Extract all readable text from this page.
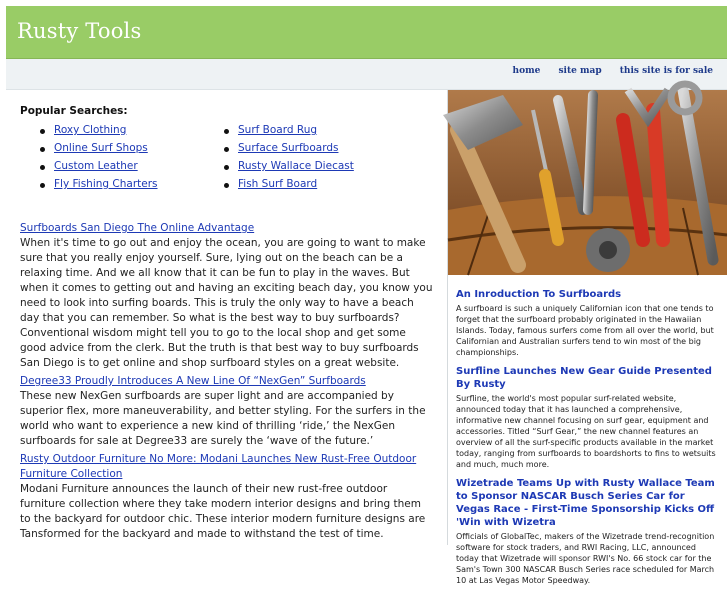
Rusty Tools
home site map this site is for sale
Popular Searches:
Roxy Clothing
Online Surf Shops
Custom Leather
Fly Fishing Charters
Surf Board Rug
Surface Surfboards
Rusty Wallace Diecast
Fish Surf Board
Surfboards San Diego The Online Advantage

When it's time to go out and enjoy the ocean, you are going to want to make sure that you really enjoy yourself. Sure, lying out on the beach can be a relaxing time. And we all know that it can be fun to play in the waves. But when it comes to getting out and having an exciting beach day, you know you need to look into surfing boards. This is truly the only way to have a beach day that you can remember. So what is the best way to buy surfboards? Conventional wisdom might tell you to go to the local shop and get some good advice from the clerk. But the truth is that best way to buy surfboards San Diego is to get online and shop surfboard styles on a great website.

Degree33 Proudly Introduces A New Line Of “NexGen” Surfboards

These new NexGen surfboards are super light and are accompanied by superior flex, more maneuverability, and better styling. For the surfers in the world who want to experience a new kind of thrilling ‘ride,’ the NexGen surfboards for sale at Degree33 are surely the ‘wave of the future.’

Rusty Outdoor Furniture No More: Modani Launches New Rust-Free Outdoor Furniture Collection

Modani Furniture announces the launch of their new rust-free outdoor furniture collection where they take modern interior designs and bring them to the backyard for outdoor chic. These interior modern furniture designs are Tansformed for the backyard and made to withstand the test of time.

An Inroduction To Surfboards

A surfboard is such a uniquely Californian icon that one tends to forget that the surfboard probably originated in the Hawaiian Islands. Today, famous surfers come from all over the world, but Californian and Australian surfers tend to win most of the big championships.

Surfline Launches New Gear Guide Presented By Rusty

Surfline, the world's most popular surf-related website, announced today that it has launched a comprehensive, informative new channel focusing on surf gear, equipment and accessories. Titled “Surf Gear,” the new channel features an overview of all the surf-specific products available in the market today, ranging from surfboards to boardshorts to fins to wetsuits and much, much more.

Wizetrade Teams Up with Rusty Wallace Team to Sponsor NASCAR Busch Series Car for Vegas Race - First-Time Sponsorship Kicks Off 'Win with Wizetra

Officials of GlobalTec, makers of the Wizetrade trend-recognition software for stock traders, and RWI Racing, LLC, announced today that Wizetrade will sponsor RWI's No. 66 stock car for the Sam's Town 300 NASCAR Busch Series race scheduled for March 10 at Las Vegas Motor Speedway.
